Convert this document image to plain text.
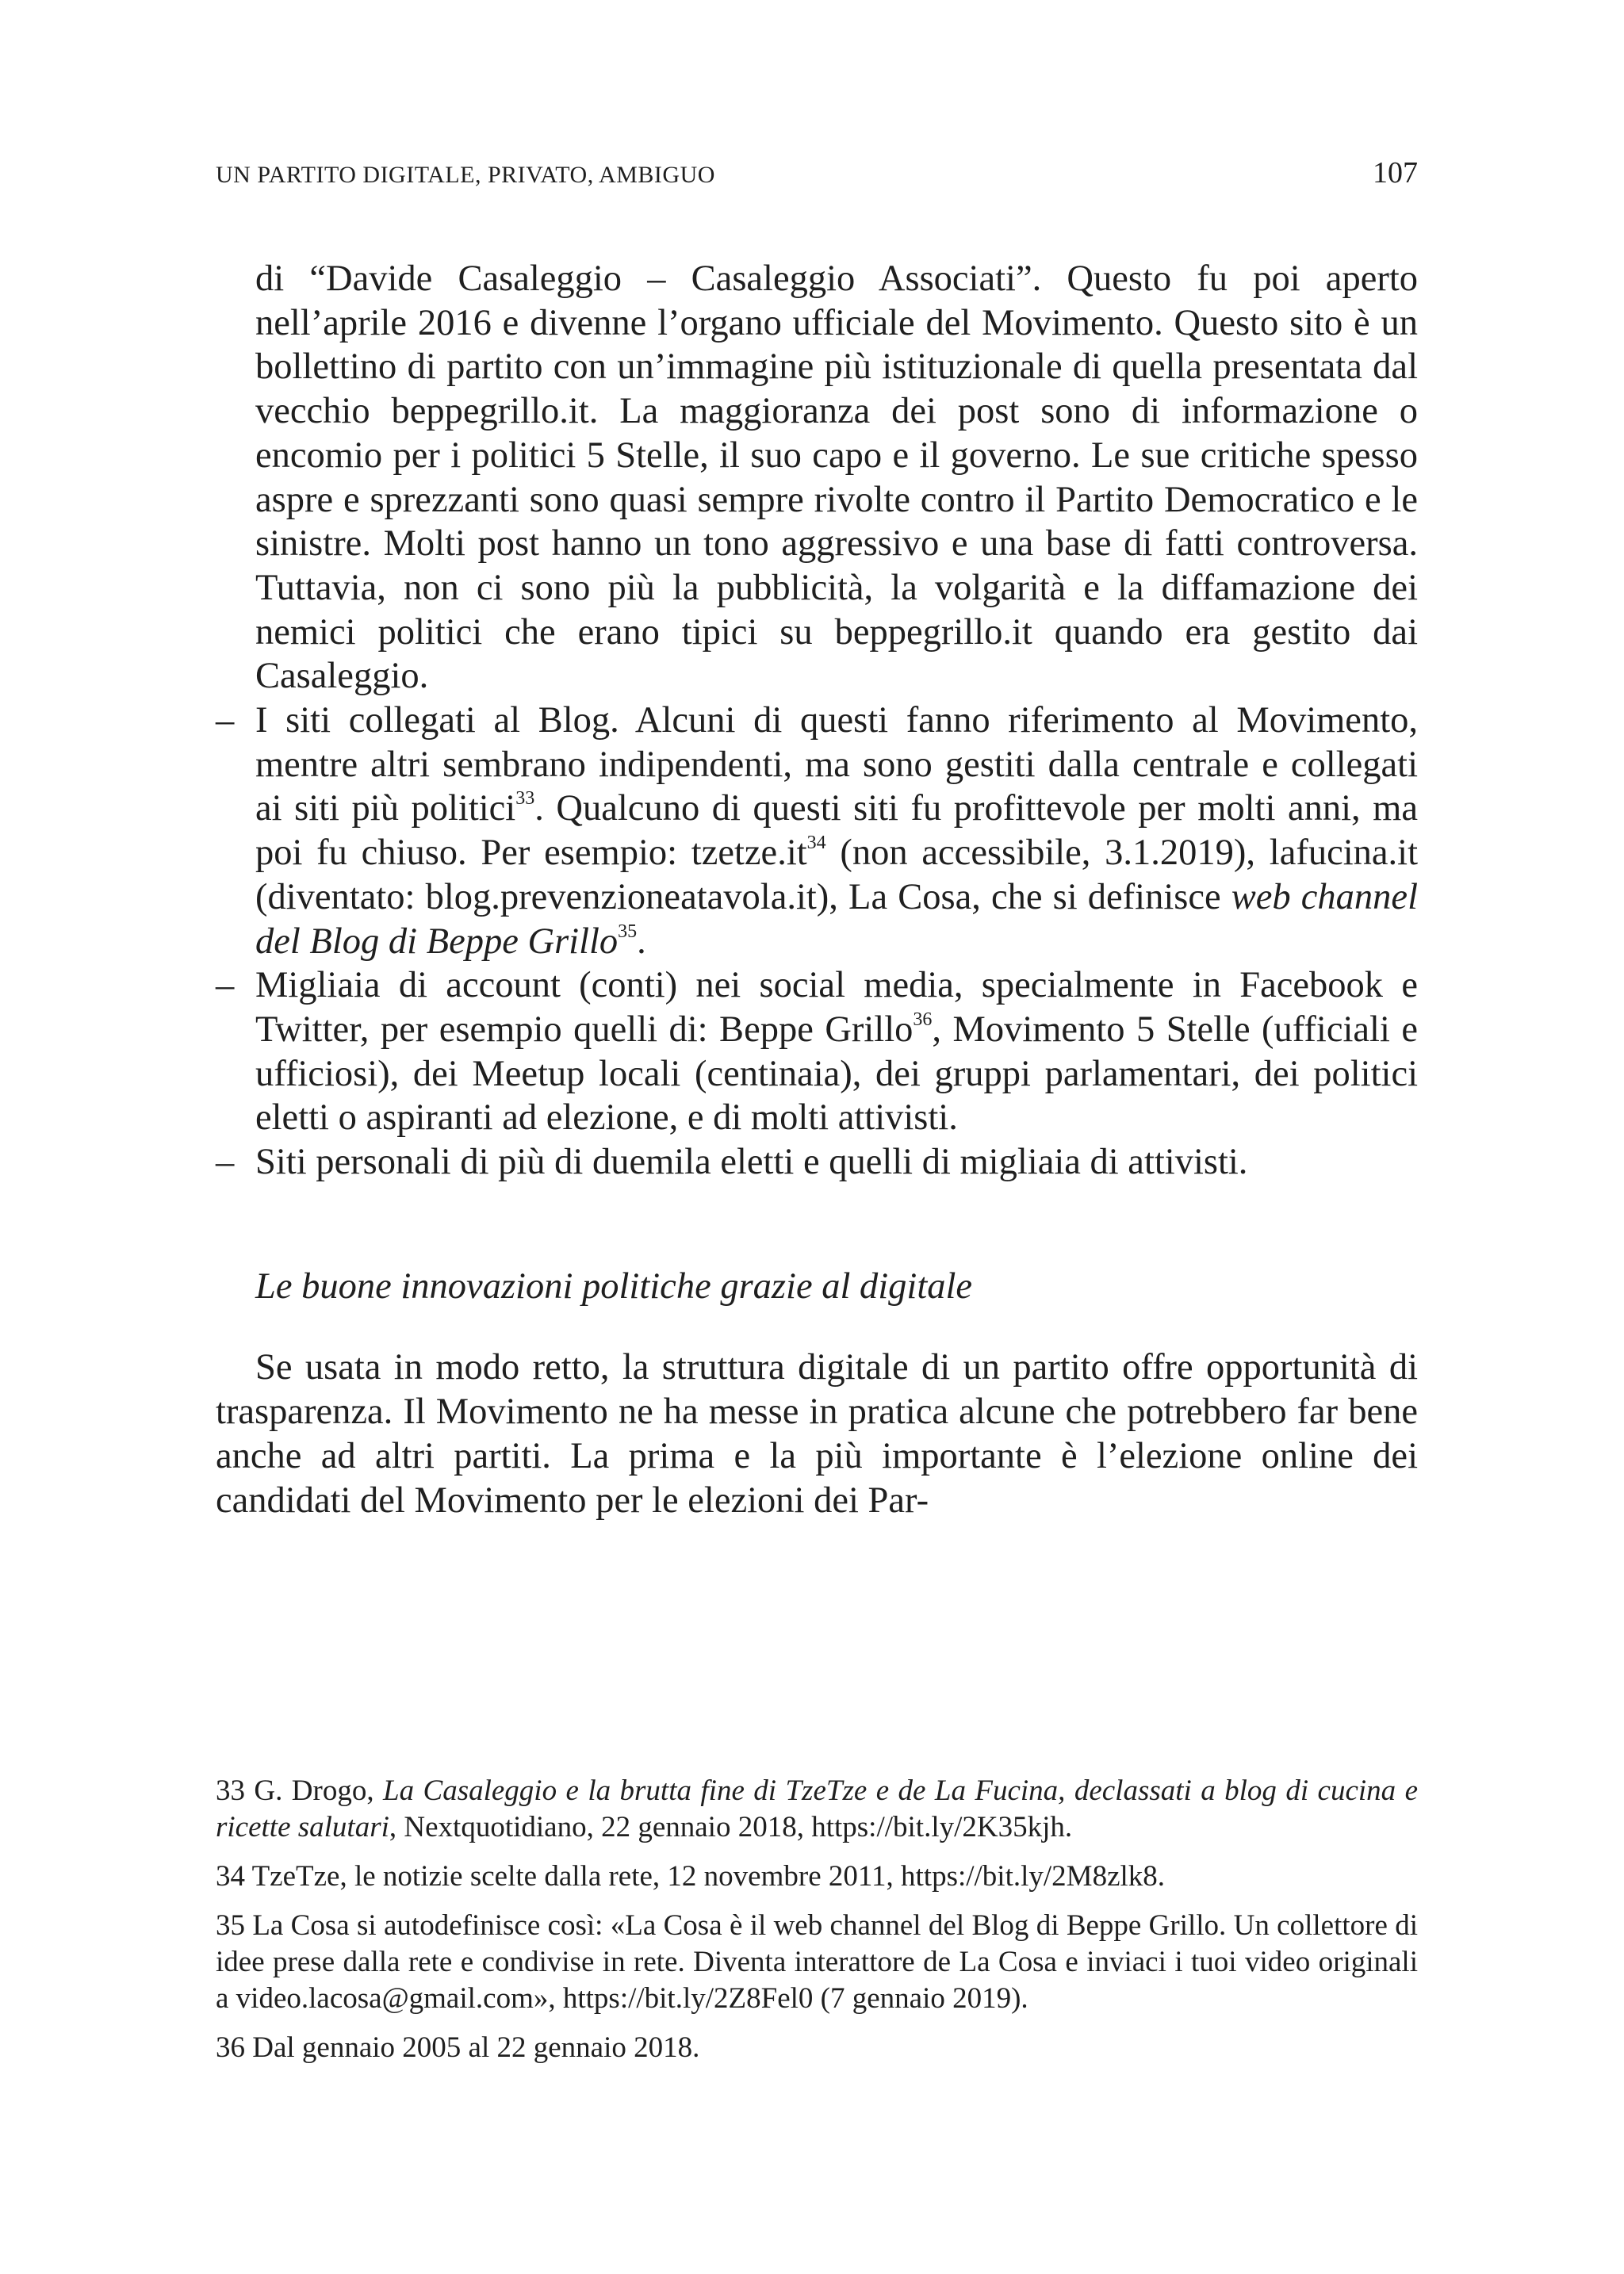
UN PARTITO DIGITALE, PRIVATO, AMBIGUO	107

di “Davide Casaleggio – Casaleggio Associati”. Questo fu poi aperto nell’aprile 2016 e divenne l’organo ufficiale del Movimento. Questo sito è un bollettino di partito con un’immagine più istituzionale di quella presentata dal vecchio beppegrillo.it. La maggioranza dei post sono di informazione o encomio per i politici 5 Stelle, il suo capo e il governo. Le sue critiche spesso aspre e sprezzanti sono quasi sempre rivolte contro il Partito Democratico e le sinistre. Molti post hanno un tono aggressivo e una base di fatti controversa. Tuttavia, non ci sono più la pubblicità, la volgarità e la diffamazione dei nemici politici che erano tipici su beppegrillo.it quando era gestito dai Casaleggio.

– I siti collegati al Blog. Alcuni di questi fanno riferimento al Movimento, mentre altri sembrano indipendenti, ma sono gestiti dalla centrale e collegati ai siti più politici$^{33}$. Qualcuno di questi siti fu profittevole per molti anni, ma poi fu chiuso. Per esempio: $tzetze.it^{34}$ (non accessibile, 3.1.2019), lafucina.it (diventato: blog.prevenzioneatavola.it), La Cosa, che si definisce web channel del Blog di Beppe Grillo$^{35}$.

– Migliaia di account (conti) nei social media, specialmente in Facebook e Twitter, per esempio quelli di: Beppe Grillo$^{36}$, Movimento 5 Stelle (ufficiali e ufficiosi), dei Meetup locali (centinaia), dei gruppi parlamentari, dei politici eletti o aspiranti ad elezione, e di molti attivisti.

– Siti personali di più di duemila eletti e quelli di migliaia di attivisti.

Le buone innovazioni politiche grazie al digitale

Se usata in modo retto, la struttura digitale di un partito offre opportunità di trasparenza. Il Movimento ne ha messe in pratica alcune che potrebbero far bene anche ad altri partiti. La prima e la più importante è l’elezione online dei candidati del Movimento per le elezioni dei Par-

33 G. Drogo, La Casaleggio e la brutta fine di TzeTze e de La Fucina, declassati a blog di cucina e ricette salutari, Nextquotidiano, 22 gennaio 2018, https://bit.ly/2K35kjh.

34 TzeTze, le notizie scelte dalla rete, 12 novembre 2011, https://bit.ly/2M8zlk8.

35 La Cosa si autodefinisce così: «La Cosa è il web channel del Blog di Beppe Grillo. Un collettore di idee prese dalla rete e condivise in rete. Diventa interattore de La Cosa e inviaci i tuoi video originali a video.lacosa@gmail.com», https://bit.ly/2Z8Fel0 (7 gennaio 2019).

36 Dal gennaio 2005 al 22 gennaio 2018.
